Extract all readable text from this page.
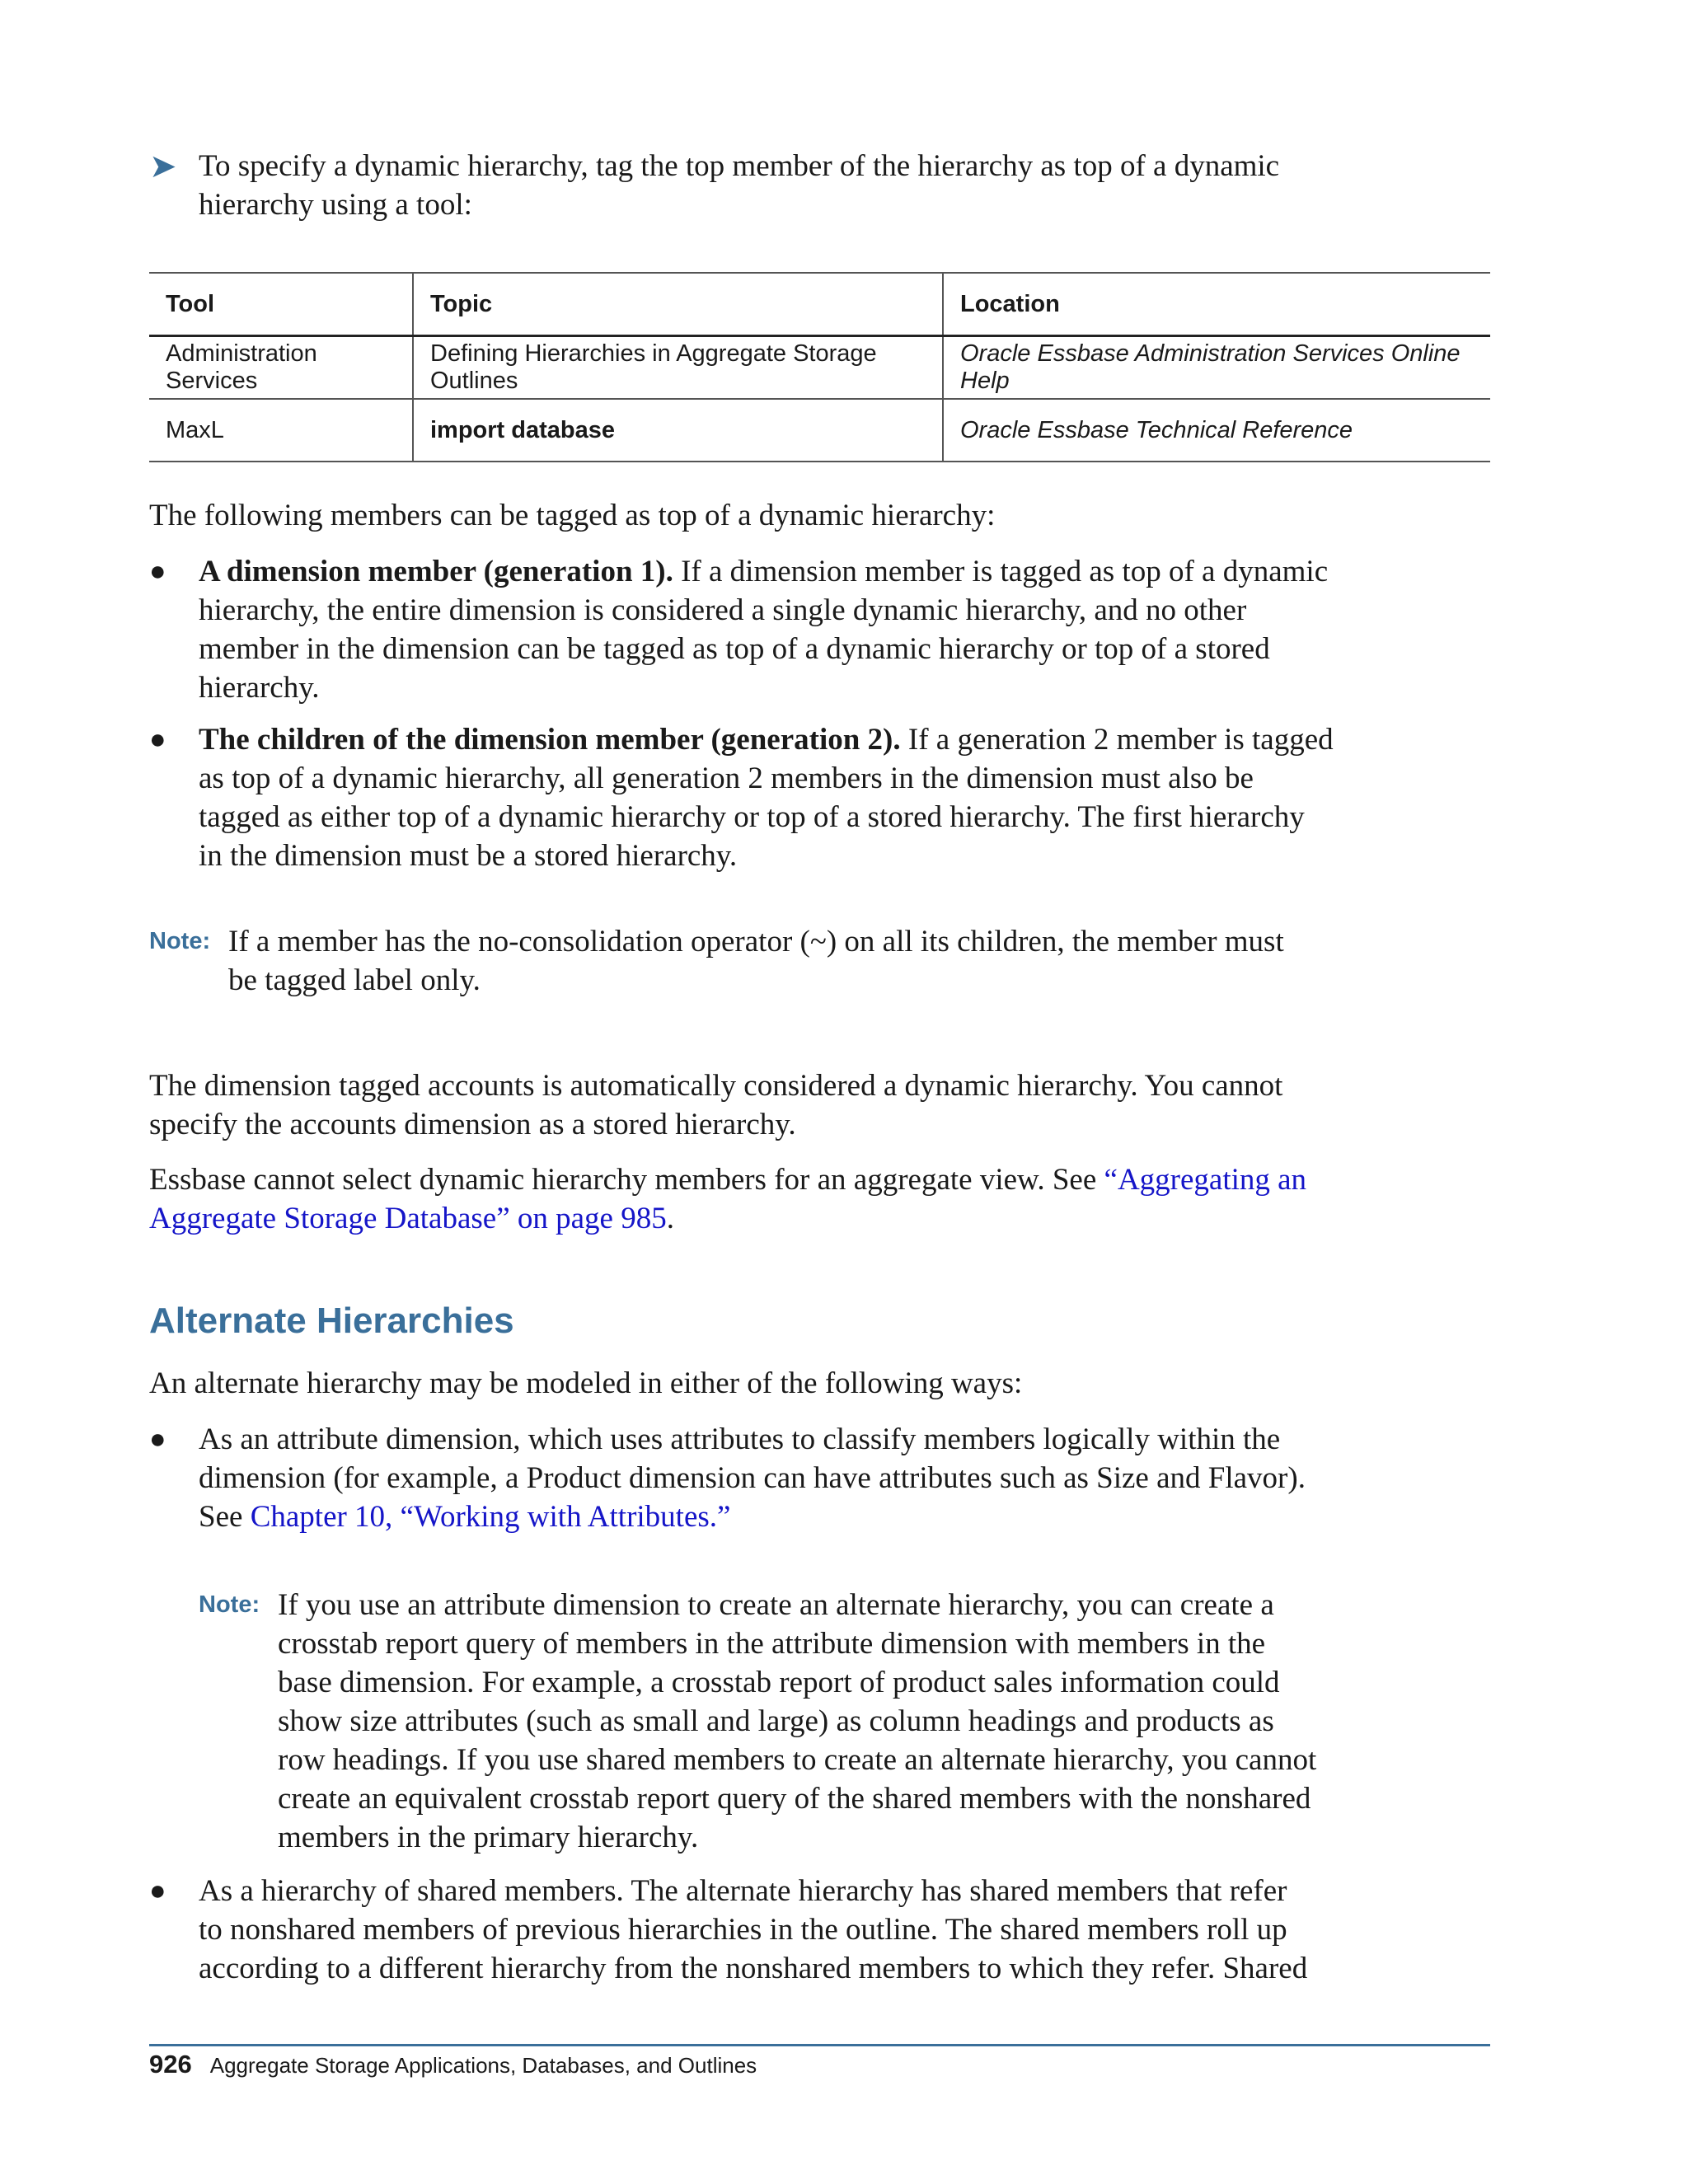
➤ To specify a dynamic hierarchy, tag the top member of the hierarchy as top of a dynamic
hierarchy using a tool:

Tool	Topic	Location
Administration Services	Defining Hierarchies in Aggregate Storage Outlines	Oracle Essbase Administration Services Online Help
MaxL	import database	Oracle Essbase Technical Reference

The following members can be tagged as top of a dynamic hierarchy:

● A dimension member (generation 1). If a dimension member is tagged as top of a dynamic
hierarchy, the entire dimension is considered a single dynamic hierarchy, and no other
member in the dimension can be tagged as top of a dynamic hierarchy or top of a stored
hierarchy.

● The children of the dimension member (generation 2). If a generation 2 member is tagged
as top of a dynamic hierarchy, all generation 2 members in the dimension must also be
tagged as either top of a dynamic hierarchy or top of a stored hierarchy. The first hierarchy
in the dimension must be a stored hierarchy.

Note: If a member has the no-consolidation operator (~) on all its children, the member must
be tagged label only.

The dimension tagged accounts is automatically considered a dynamic hierarchy. You cannot
specify the accounts dimension as a stored hierarchy.

Essbase cannot select dynamic hierarchy members for an aggregate view. See “Aggregating an
Aggregate Storage Database” on page 985.

Alternate Hierarchies

An alternate hierarchy may be modeled in either of the following ways:

● As an attribute dimension, which uses attributes to classify members logically within the
dimension (for example, a Product dimension can have attributes such as Size and Flavor).
See Chapter 10, “Working with Attributes.”

Note: If you use an attribute dimension to create an alternate hierarchy, you can create a
crosstab report query of members in the attribute dimension with members in the
base dimension. For example, a crosstab report of product sales information could
show size attributes (such as small and large) as column headings and products as
row headings. If you use shared members to create an alternate hierarchy, you cannot
create an equivalent crosstab report query of the shared members with the nonshared
members in the primary hierarchy.

● As a hierarchy of shared members. The alternate hierarchy has shared members that refer
to nonshared members of previous hierarchies in the outline. The shared members roll up
according to a different hierarchy from the nonshared members to which they refer. Shared

926 Aggregate Storage Applications, Databases, and Outlines
